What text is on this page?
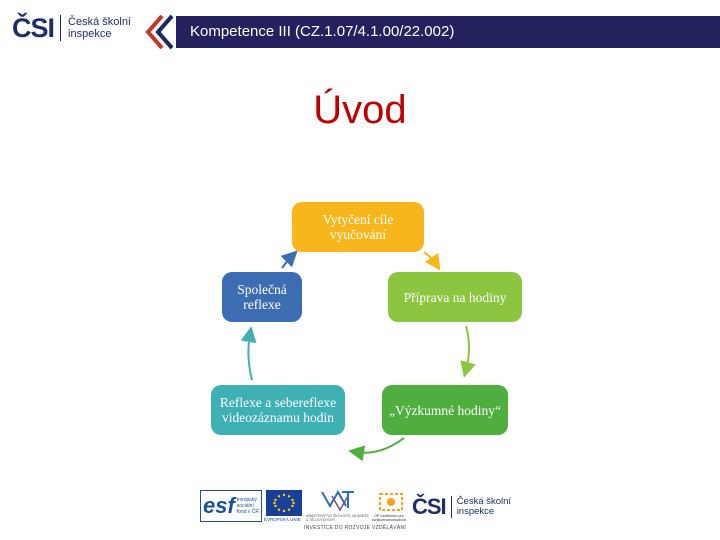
ČSI Česká školní
inspekce	Kompetence III (CZ.1.07/4.1.00/22.002)
Úvod
Vytyčení cíle
vyučování
Příprava na hodiny
„Výzkumné hodiny“
Reflexe a sebereflexe
videozáznamu hodin
Společná
reflexe
esf evropský
sociální
fond v ČR
EVROPSKÁ UNIE
MINISTERSTVO ŠKOLSTVÍ, MLÁDEŽE A TĚLOVÝCHOVY
OP Vzdělávání pro konkurenceschopnost
ČSI Česká školní
inspekce
INVESTICE DO ROZVOJE VZDĚLÁVÁNÍ
